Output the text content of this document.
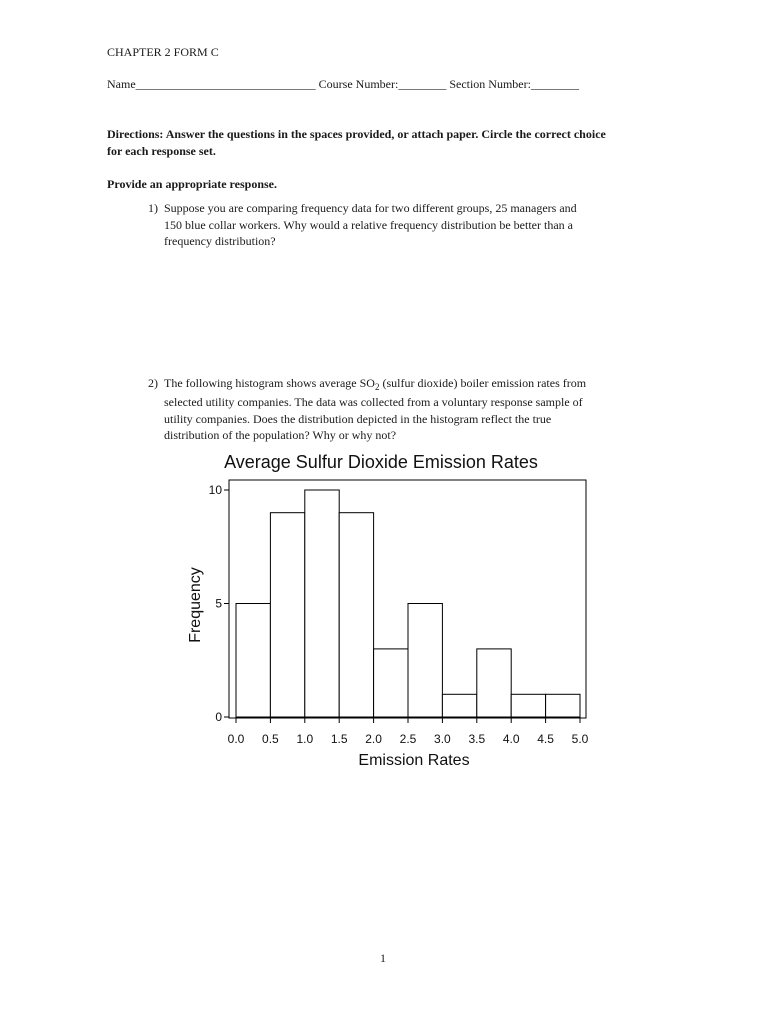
CHAPTER 2 FORM C
Name______________________________ Course Number:________ Section Number:________
Directions: Answer the questions in the spaces provided, or attach paper. Circle the correct choice
for each response set.
Provide an appropriate response.
1) Suppose you are comparing frequency data for two different groups, 25 managers and
150 blue collar workers. Why would a relative frequency distribution be better than a
frequency distribution?
2) The following histogram shows average $SO_2$ (sulfur dioxide) boiler emission rates from
selected utility companies. The data was collected from a voluntary response sample of
utility companies. Does the distribution depicted in the histogram reflect the true
distribution of the population? Why or why not?
Average Sulfur Dioxide Emission Rates
0
5
10
0.0 0.5 1.0 1.5 2.0 2.5 3.0 3.5 4.0 4.5 5.0
Emission Rates
Frequency
1
